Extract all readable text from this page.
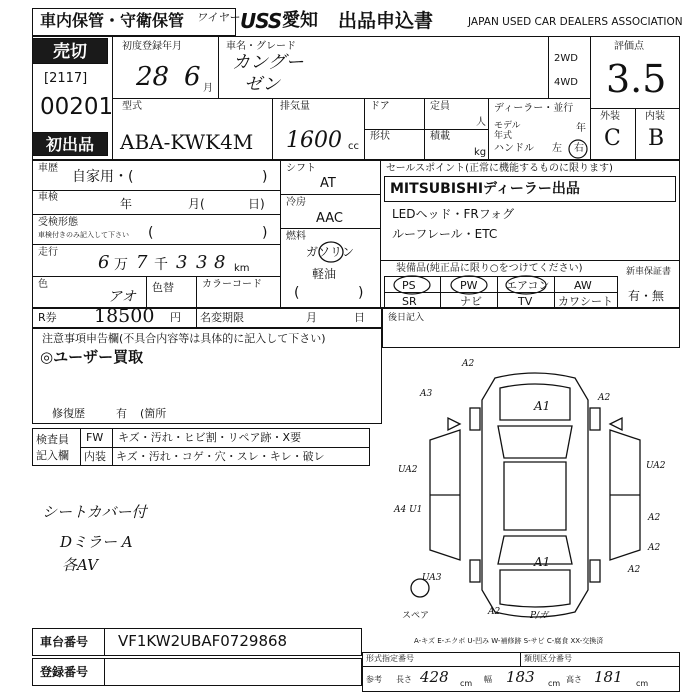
車内保管・守衛保管 ワイヤー USS 愛知 出品申込書	JAPAN USED CAR DEALERS ASSOCIATION
売切
[2117]
00201
初出品
初度登録年月
28 6 月
車名・グレード
カングー
ゼン
2WD
4WD
評価点
3.5
外装	内装
C B
型式
ABA-KWK4M
排気量
1600 cc
ドア
形状
定員
人
積載
kg
ディーラー・並行
モデル年式
年
ハンドル 左 右
車歴
自家用・(	)
車検	年	月(	日)
受検形態
車検付きのみ記入して下さい (	)
走行 6 万 7 千 3 3 8 km
色
アオ
色替	カラーコード
シフト
AT
冷房
AAC
燃料
ガソリン
軽油
(	)
セールスポイント(正常に機能するものに限ります)
MITSUBISHIディーラー出品
LEDヘッド・FRフォグ
ルーフレール・ETC
装備品(純正品に限り○をつけてください)
PS	PW	エアコン AW
SR	ナビ	TV カワシート
新車保証書
有・無
R券 18500 円 名変期限	月	日	後日記入
注意事項申告欄(不具合内容等は具体的に記入して下さい)
◎ユーザー買取
修復歴	有 (箇所
検査員
記入欄
FW キズ・汚れ・ヒビ割・リペア跡・X要
内装 キズ・汚れ・コゲ・穴・スレ・キレ・破レ
シートカバー付
Dミラー A
各AV
A2
A3
A1
A2
UA2	UA2
A4 U1
A2
A2
A1
UA3
A2
スペア	A2	P/ガ
A-キズ E-エクボ U-凹み W-補修跡 S-サビ C-腐食 XX-交換済
車台番号 VF1KW2UBAF0729868
登録番号
形式指定番号	類別区分番号
参考 長さ 428 cm 幅 183 cm 高さ 181 cm
